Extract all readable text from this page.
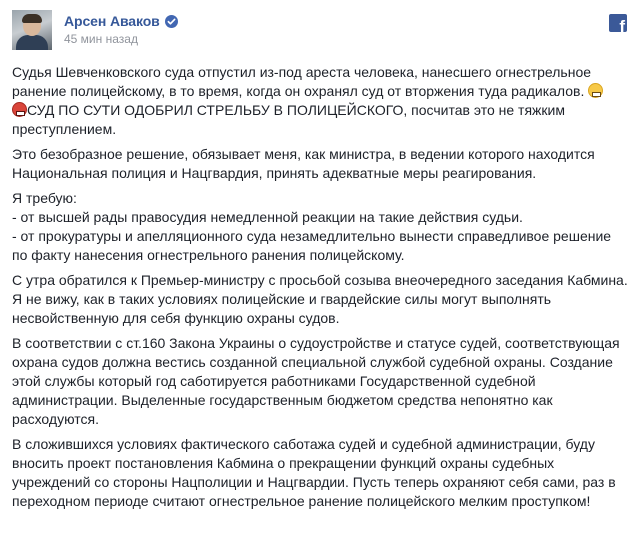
Арсен Аваков
45 мин назад
f

Судья Шевченковского суда отпустил из-под ареста человека, нанесшего огнестрельное ранение полицейскому, в то время, когда он охранял суд от вторжения туда радикалов.
СУД ПО СУТИ ОДОБРИЛ СТРЕЛЬБУ В ПОЛИЦЕЙСКОГО, посчитав это не тяжким преступлением.

Это безобразное решение, обязывает меня, как министра, в ведении которого находится Национальная полиция и Нацгвардия, принять адекватные меры реагирования.

Я требую:
- от высшей рады правосудия немедленной реакции на такие действия судьи.
- от прокуратуры и апелляционного суда незамедлительно вынести справедливое решение по факту нанесения огнестрельного ранения полицейскому.

С утра обратился к Премьер-министру с просьбой созыва внеочередного заседания Кабмина. Я не вижу, как в таких условиях полицейские и гвардейские силы могут выполнять несвойственную для себя функцию охраны судов.

В соответствии с ст.160 Закона Украины о судоустройстве и статусе судей, соответствующая охрана судов должна вестись созданной специальной службой судебной охраны. Создание этой службы который год саботируется работниками Государственной судебной администрации. Выделенные государственным бюджетом средства непонятно как расходуются.

В сложившихся условиях фактического саботажа судей и судебной администрации, буду вносить проект постановления Кабмина о прекращении функций охраны судебных учреждений со стороны Нацполиции и Нацгвардии. Пусть теперь охраняют себя сами, раз в переходном периоде считают огнестрельное ранение полицейского мелким проступком!
